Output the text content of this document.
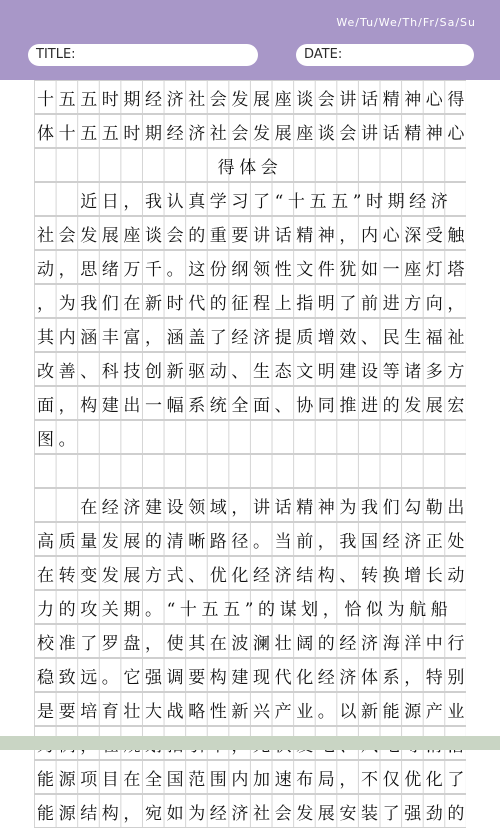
We/Tu/We/Th/Fr/Sa/Su
TITLE:	DATE:
十五五时期经济社会发展座谈会讲话精神心得
体十五五时期经济社会发展座谈会讲话精神心
得体会
　　近日，我认真学习了“十五五”时期经济
社会发展座谈会的重要讲话精神，内心深受触
动，思绪万千。这份纲领性文件犹如一座灯塔
，为我们在新时代的征程上指明了前进方向，
其内涵丰富，涵盖了经济提质增效、民生福祉
改善、科技创新驱动、生态文明建设等诸多方
面，构建出一幅系统全面、协同推进的发展宏
图。
　　在经济建设领域，讲话精神为我们勾勒出
高质量发展的清晰路径。当前，我国经济正处
在转变发展方式、优化经济结构、转换增长动
力的攻关期。“十五五”的谋划，恰似为航船
校准了罗盘，使其在波澜壮阔的经济海洋中行
稳致远。它强调要构建现代化经济体系，特别
是要培育壮大战略性新兴产业。以新能源产业
能源项目在全国范围内加速布局，不仅优化了
能源结构，宛如为经济社会发展安装了强劲的
